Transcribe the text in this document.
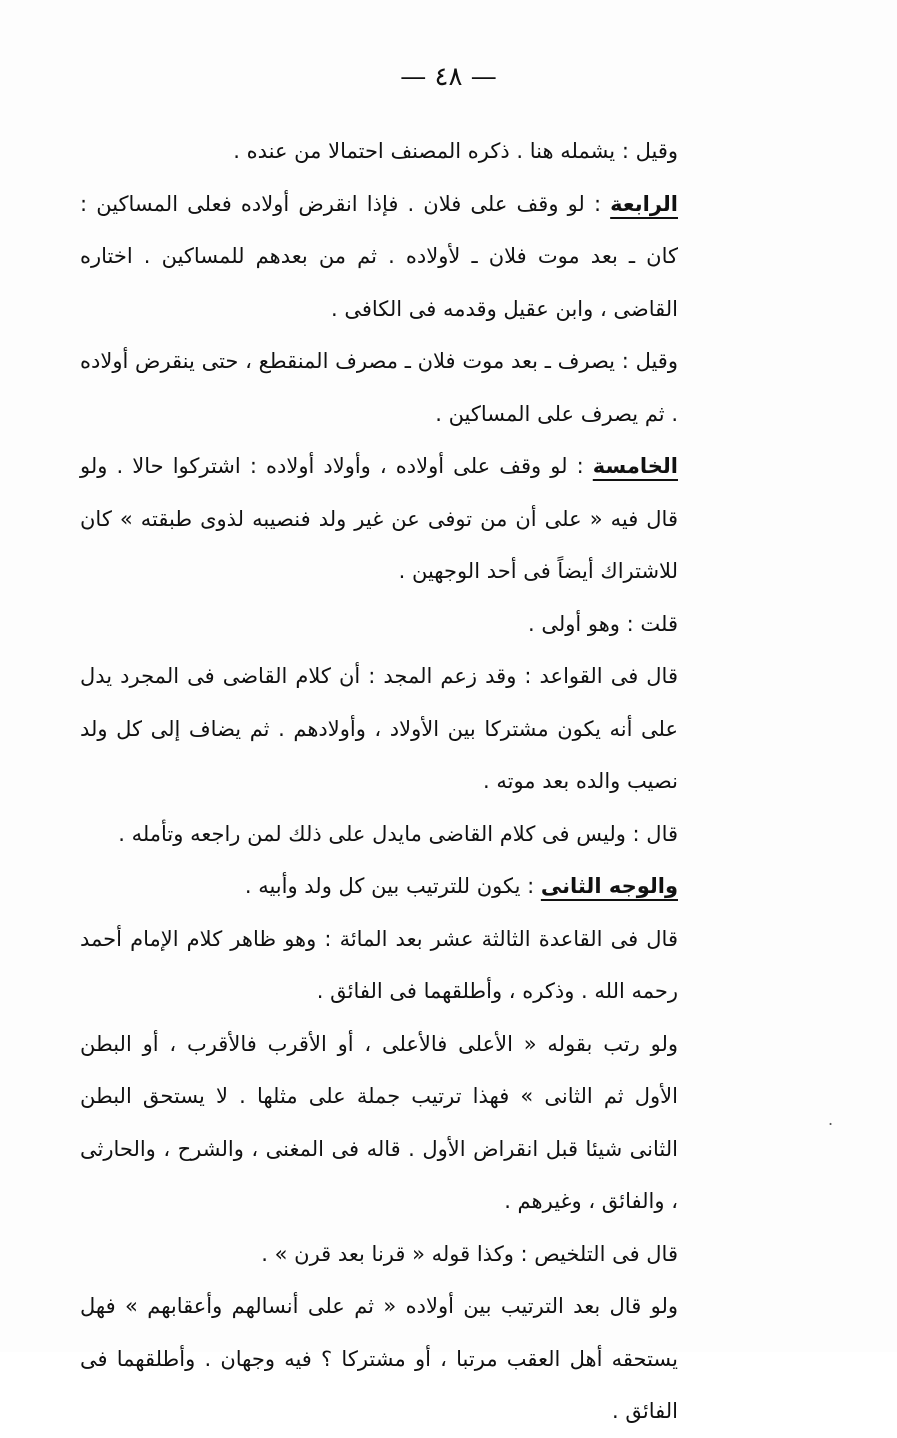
— ٤٨ —

وقيل : يشمله هنا . ذكره المصنف احتمالا من عنده .

الرابعة : لو وقف على فلان . فإذا انقرض أولاده فعلى المساكين : كان ـ بعد موت فلان ـ لأولاده . ثم من بعدهم للمساكين . اختاره القاضى ، وابن عقيل وقدمه فى الكافى .

وقيل : يصرف ـ بعد موت فلان ـ مصرف المنقطع ، حتى ينقرض أولاده . ثم يصرف على المساكين .

الخامسة : لو وقف على أولاده ، وأولاد أولاده : اشتركوا حالا . ولو قال فيه « على أن من توفى عن غير ولد فنصيبه لذوى طبقته » كان للاشتراك أيضاً فى أحد الوجهين .

قلت : وهو أولى .

قال فى القواعد : وقد زعم المجد : أن كلام القاضى فى المجرد يدل على أنه يكون مشتركا بين الأولاد ، وأولادهم . ثم يضاف إلى كل ولد نصيب والده بعد موته .

قال : وليس فى كلام القاضى مايدل على ذلك لمن راجعه وتأمله .

والوجه الثانى : يكون للترتيب بين كل ولد وأبيه .

قال فى القاعدة الثالثة عشر بعد المائة : وهو ظاهر كلام الإمام أحمد رحمه الله . وذكره ، وأطلقهما فى الفائق .

ولو رتب بقوله « الأعلى فالأعلى ، أو الأقرب فالأقرب ، أو البطن الأول ثم الثانى » فهذا ترتيب جملة على مثلها . لا يستحق البطن الثانى شيئا قبل انقراض الأول . قاله فى المغنى ، والشرح ، والحارثى ، والفائق ، وغيرهم .

قال فى التلخيص : وكذا قوله « قرنا بعد قرن » .

ولو قال بعد الترتيب بين أولاده « ثم على أنسالهم وأعقابهم » فهل يستحقه أهل العقب مرتبا ، أو مشتركا ؟ فيه وجهان . وأطلقهما فى الفائق .

.
